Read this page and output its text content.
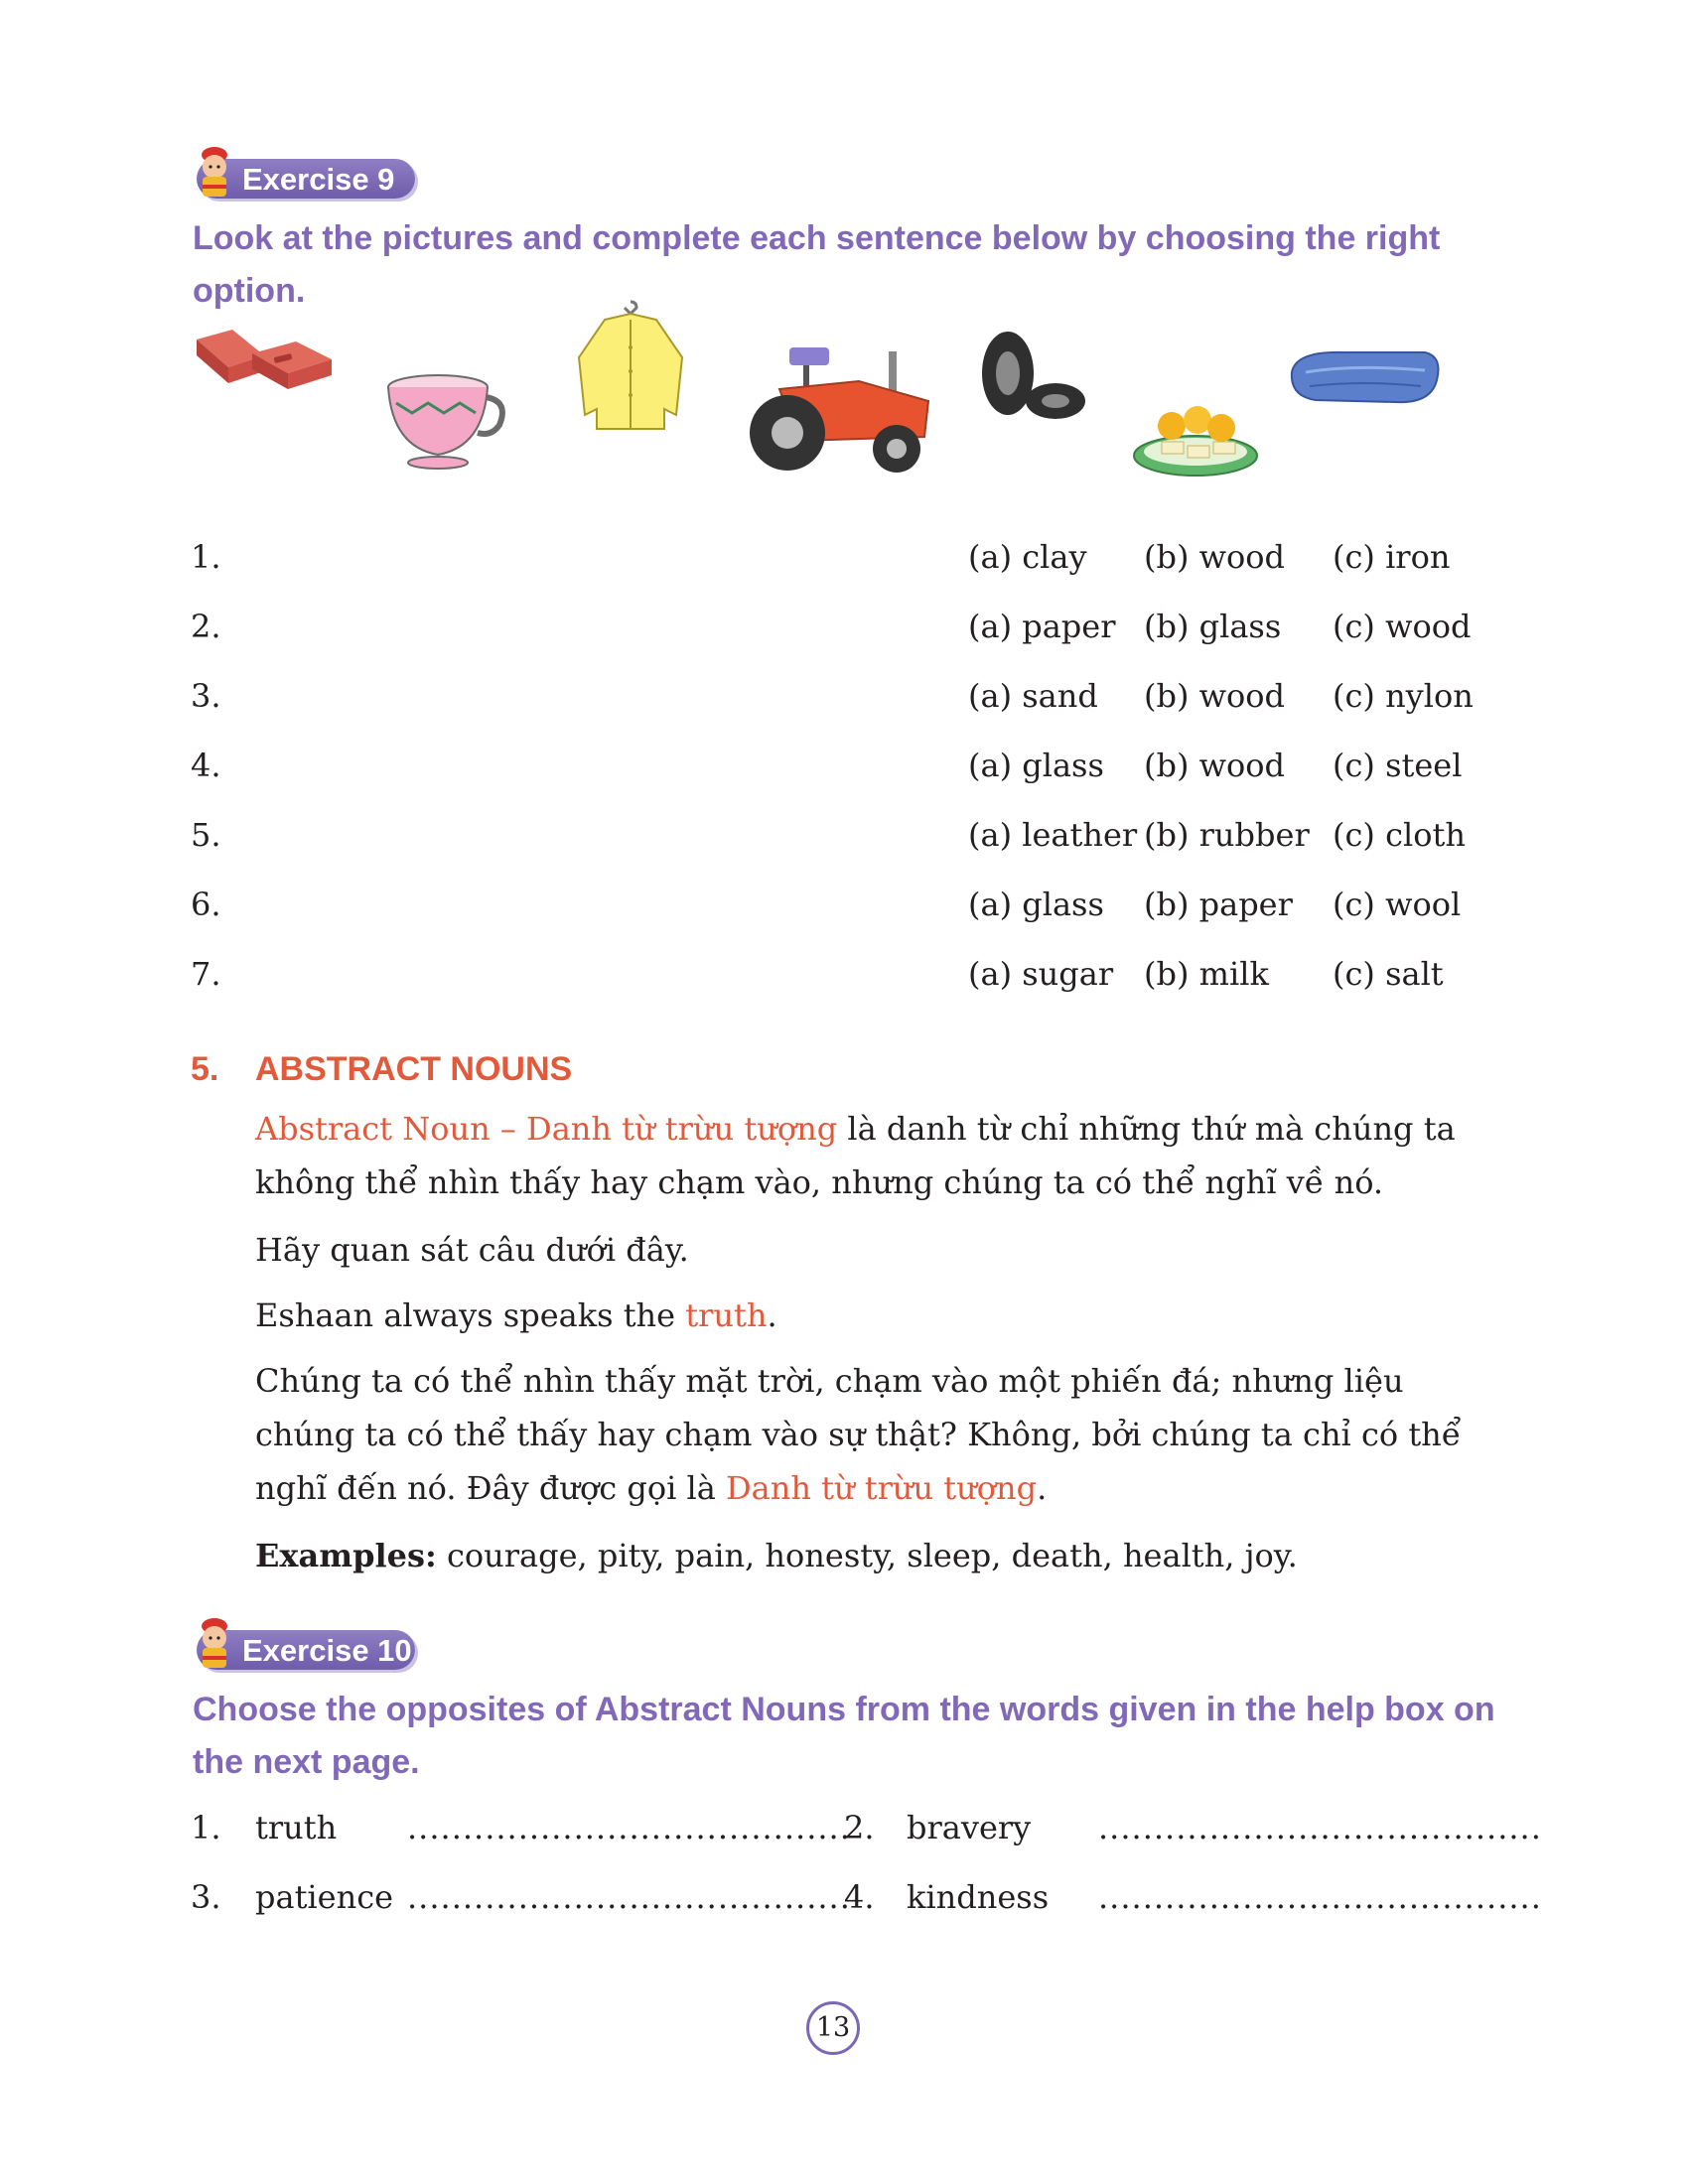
Exercise 9
Look at the pictures and complete each sentence below by choosing the right option.
1.	(a) clay (b) wood (c) iron
2.	(a) paper (b) glass (c) wood
3.	(a) sand (b) wood (c) nylon
4.	(a) glass (b) wood (c) steel
5.	(a) leather (b) rubber (c) cloth
6.	(a) glass (b) paper (c) wool
7.	(a) sugar (b) milk (c) salt
5. ABSTRACT NOUNS
Abstract Noun – Danh từ trừu tượng là danh từ chỉ những thứ mà chúng ta không thể nhìn thấy hay chạm vào, nhưng chúng ta có thể nghĩ về nó.
Hãy quan sát câu dưới đây.
Eshaan always speaks the truth.
Chúng ta có thể nhìn thấy mặt trời, chạm vào một phiến đá; nhưng liệu chúng ta có thể thấy hay chạm vào sự thật? Không, bởi chúng ta chỉ có thể nghĩ đến nó. Đây được gọi là Danh từ trừu tượng.
Examples: courage, pity, pain, honesty, sleep, death, health, joy.
Exercise 10
Choose the opposites of Abstract Nouns from the words given in the help box on the next page.
1. truth ........................................
2. bravery ........................................
3. patience ........................................
4. kindness ........................................
13
